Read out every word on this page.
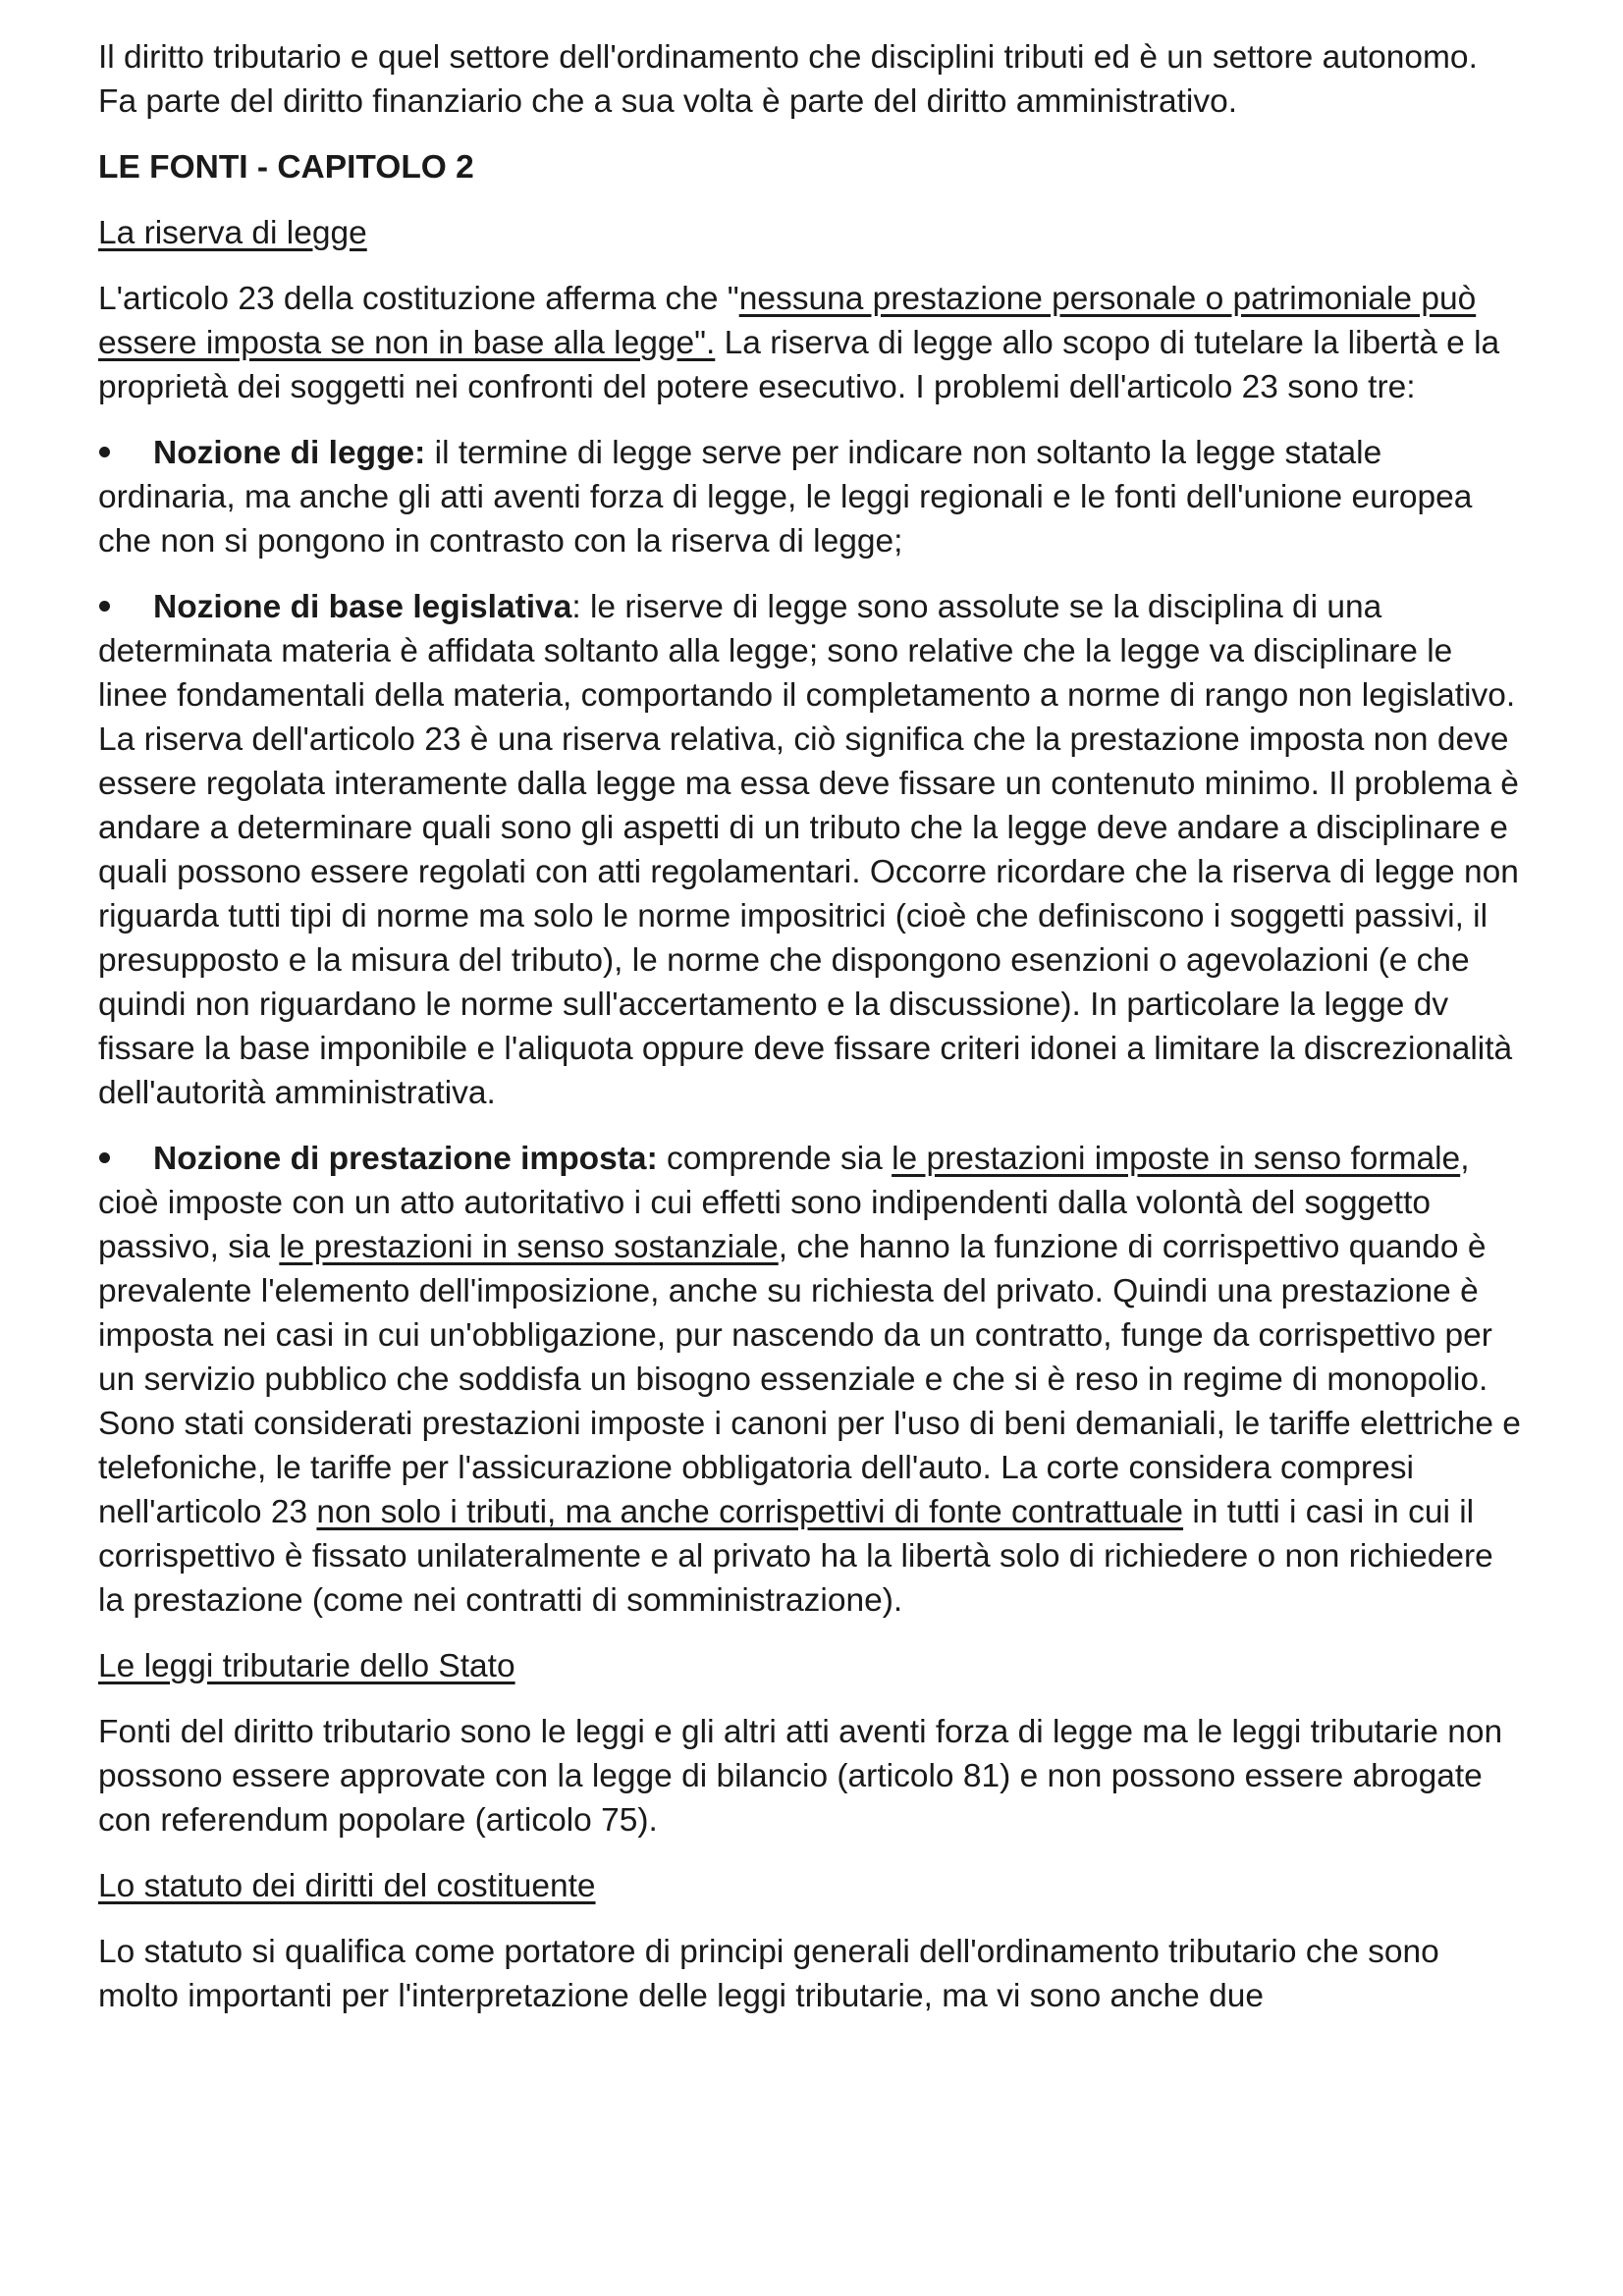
Il diritto tributario e quel settore dell'ordinamento che disciplini tributi ed è un settore autonomo. Fa parte del diritto finanziario che a sua volta è parte del diritto amministrativo.

LE FONTI - CAPITOLO 2
La riserva di legge

L'articolo 23 della costituzione afferma che "nessuna prestazione personale o patrimoniale può essere imposta se non in base alla legge". La riserva di legge allo scopo di tutelare la libertà e la proprietà dei soggetti nei confronti del potere esecutivo. I problemi dell'articolo 23 sono tre:

Nozione di legge: il termine di legge serve per indicare non soltanto la legge statale ordinaria, ma anche gli atti aventi forza di legge, le leggi regionali e le fonti dell'unione europea che non si pongono in contrasto con la riserva di legge;
Nozione di base legislativa: le riserve di legge sono assolute se la disciplina di una determinata materia è affidata soltanto alla legge; sono relative che la legge va disciplinare le linee fondamentali della materia, comportando il completamento a norme di rango non legislativo. La riserva dell'articolo 23 è una riserva relativa, ciò significa che la prestazione imposta non deve essere regolata interamente dalla legge ma essa deve fissare un contenuto minimo. Il problema è andare a determinare quali sono gli aspetti di un tributo che la legge deve andare a disciplinare e quali possono essere regolati con atti regolamentari. Occorre ricordare che la riserva di legge non riguarda tutti tipi di norme ma solo le norme impositrici (cioè che definiscono i soggetti passivi, il presupposto e la misura del tributo), le norme che dispongono esenzioni o agevolazioni (e che quindi non riguardano le norme sull'accertamento e la discussione). In particolare la legge dv fissare la base imponibile e l'aliquota oppure deve fissare criteri idonei a limitare la discrezionalità dell'autorità amministrativa.
Nozione di prestazione imposta: comprende sia le prestazioni imposte in senso formale, cioè imposte con un atto autoritativo i cui effetti sono indipendenti dalla volontà del soggetto passivo, sia le prestazioni in senso sostanziale, che hanno la funzione di corrispettivo quando è prevalente l'elemento dell'imposizione, anche su richiesta del privato. Quindi una prestazione è imposta nei casi in cui un'obbligazione, pur nascendo da un contratto, funge da corrispettivo per un servizio pubblico che soddisfa un bisogno essenziale e che si è reso in regime di monopolio. Sono stati considerati prestazioni imposte i canoni per l'uso di beni demaniali, le tariffe elettriche e telefoniche, le tariffe per l'assicurazione obbligatoria dell'auto. La corte considera compresi nell'articolo 23 non solo i tributi, ma anche corrispettivi di fonte contrattuale in tutti i casi in cui il corrispettivo è fissato unilateralmente e al privato ha la libertà solo di richiedere o non richiedere la prestazione (come nei contratti di somministrazione).
Le leggi tributarie dello Stato

Fonti del diritto tributario sono le leggi e gli altri atti aventi forza di legge ma le leggi tributarie non possono essere approvate con la legge di bilancio (articolo 81) e non possono essere abrogate con referendum popolare (articolo 75).

Lo statuto dei diritti del costituente

Lo statuto si qualifica come portatore di principi generali dell'ordinamento tributario che sono molto importanti per l'interpretazione delle leggi tributarie, ma vi sono anche due
